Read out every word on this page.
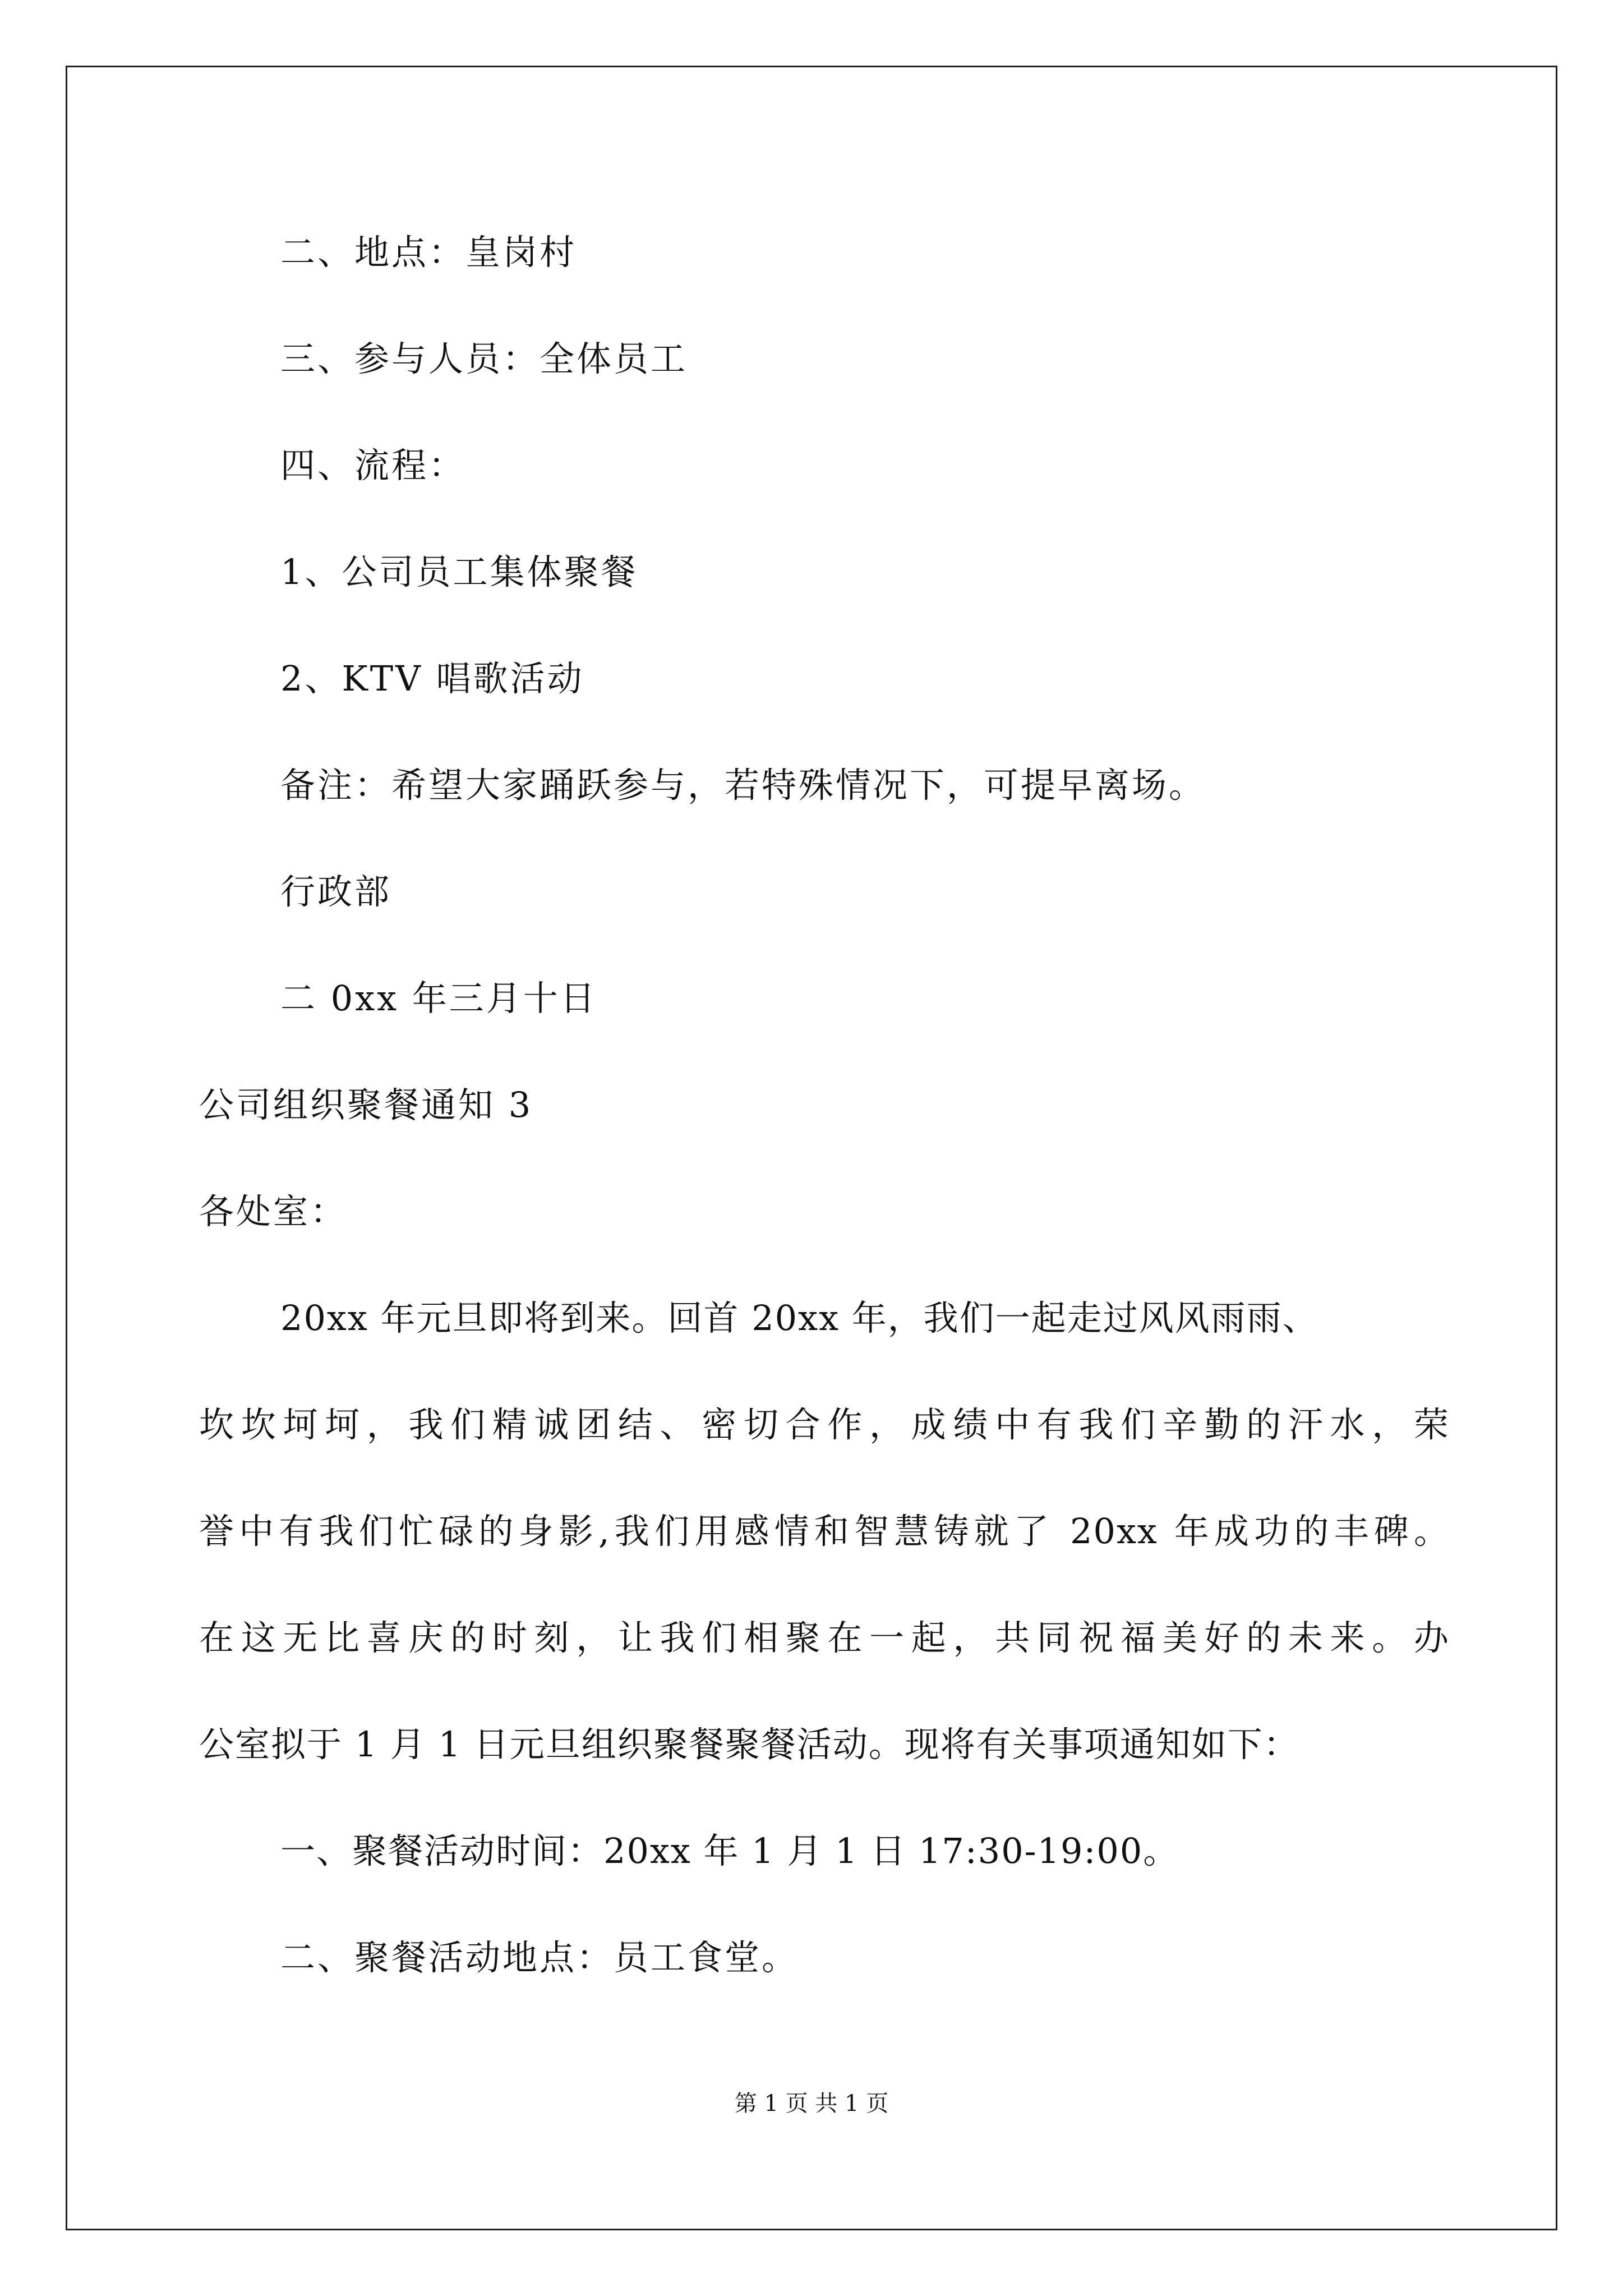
二、地点：皇岗村
三、参与人员：全体员工
四、流程：
1、公司员工集体聚餐
2、KTV 唱歌活动
备注：希望大家踊跃参与，若特殊情况下，可提早离场。
行政部
二 0xx 年三月十日
公司组织聚餐通知 3
各处室：
20xx 年元旦即将到来。回首 20xx 年，我们一起走过风风雨雨、
坎坎坷坷，我们精诚团结、密切合作，成绩中有我们辛勤的汗水，荣
誉中有我们忙碌的身影,我们用感情和智慧铸就了 20xx 年成功的丰碑。
在这无比喜庆的时刻，让我们相聚在一起，共同祝福美好的未来。办
公室拟于 1 月 1 日元旦组织聚餐聚餐活动。现将有关事项通知如下：
一、聚餐活动时间：20xx 年 1 月 1 日 17:30-19:00。
二、聚餐活动地点：员工食堂。
第 1 页 共 1 页
